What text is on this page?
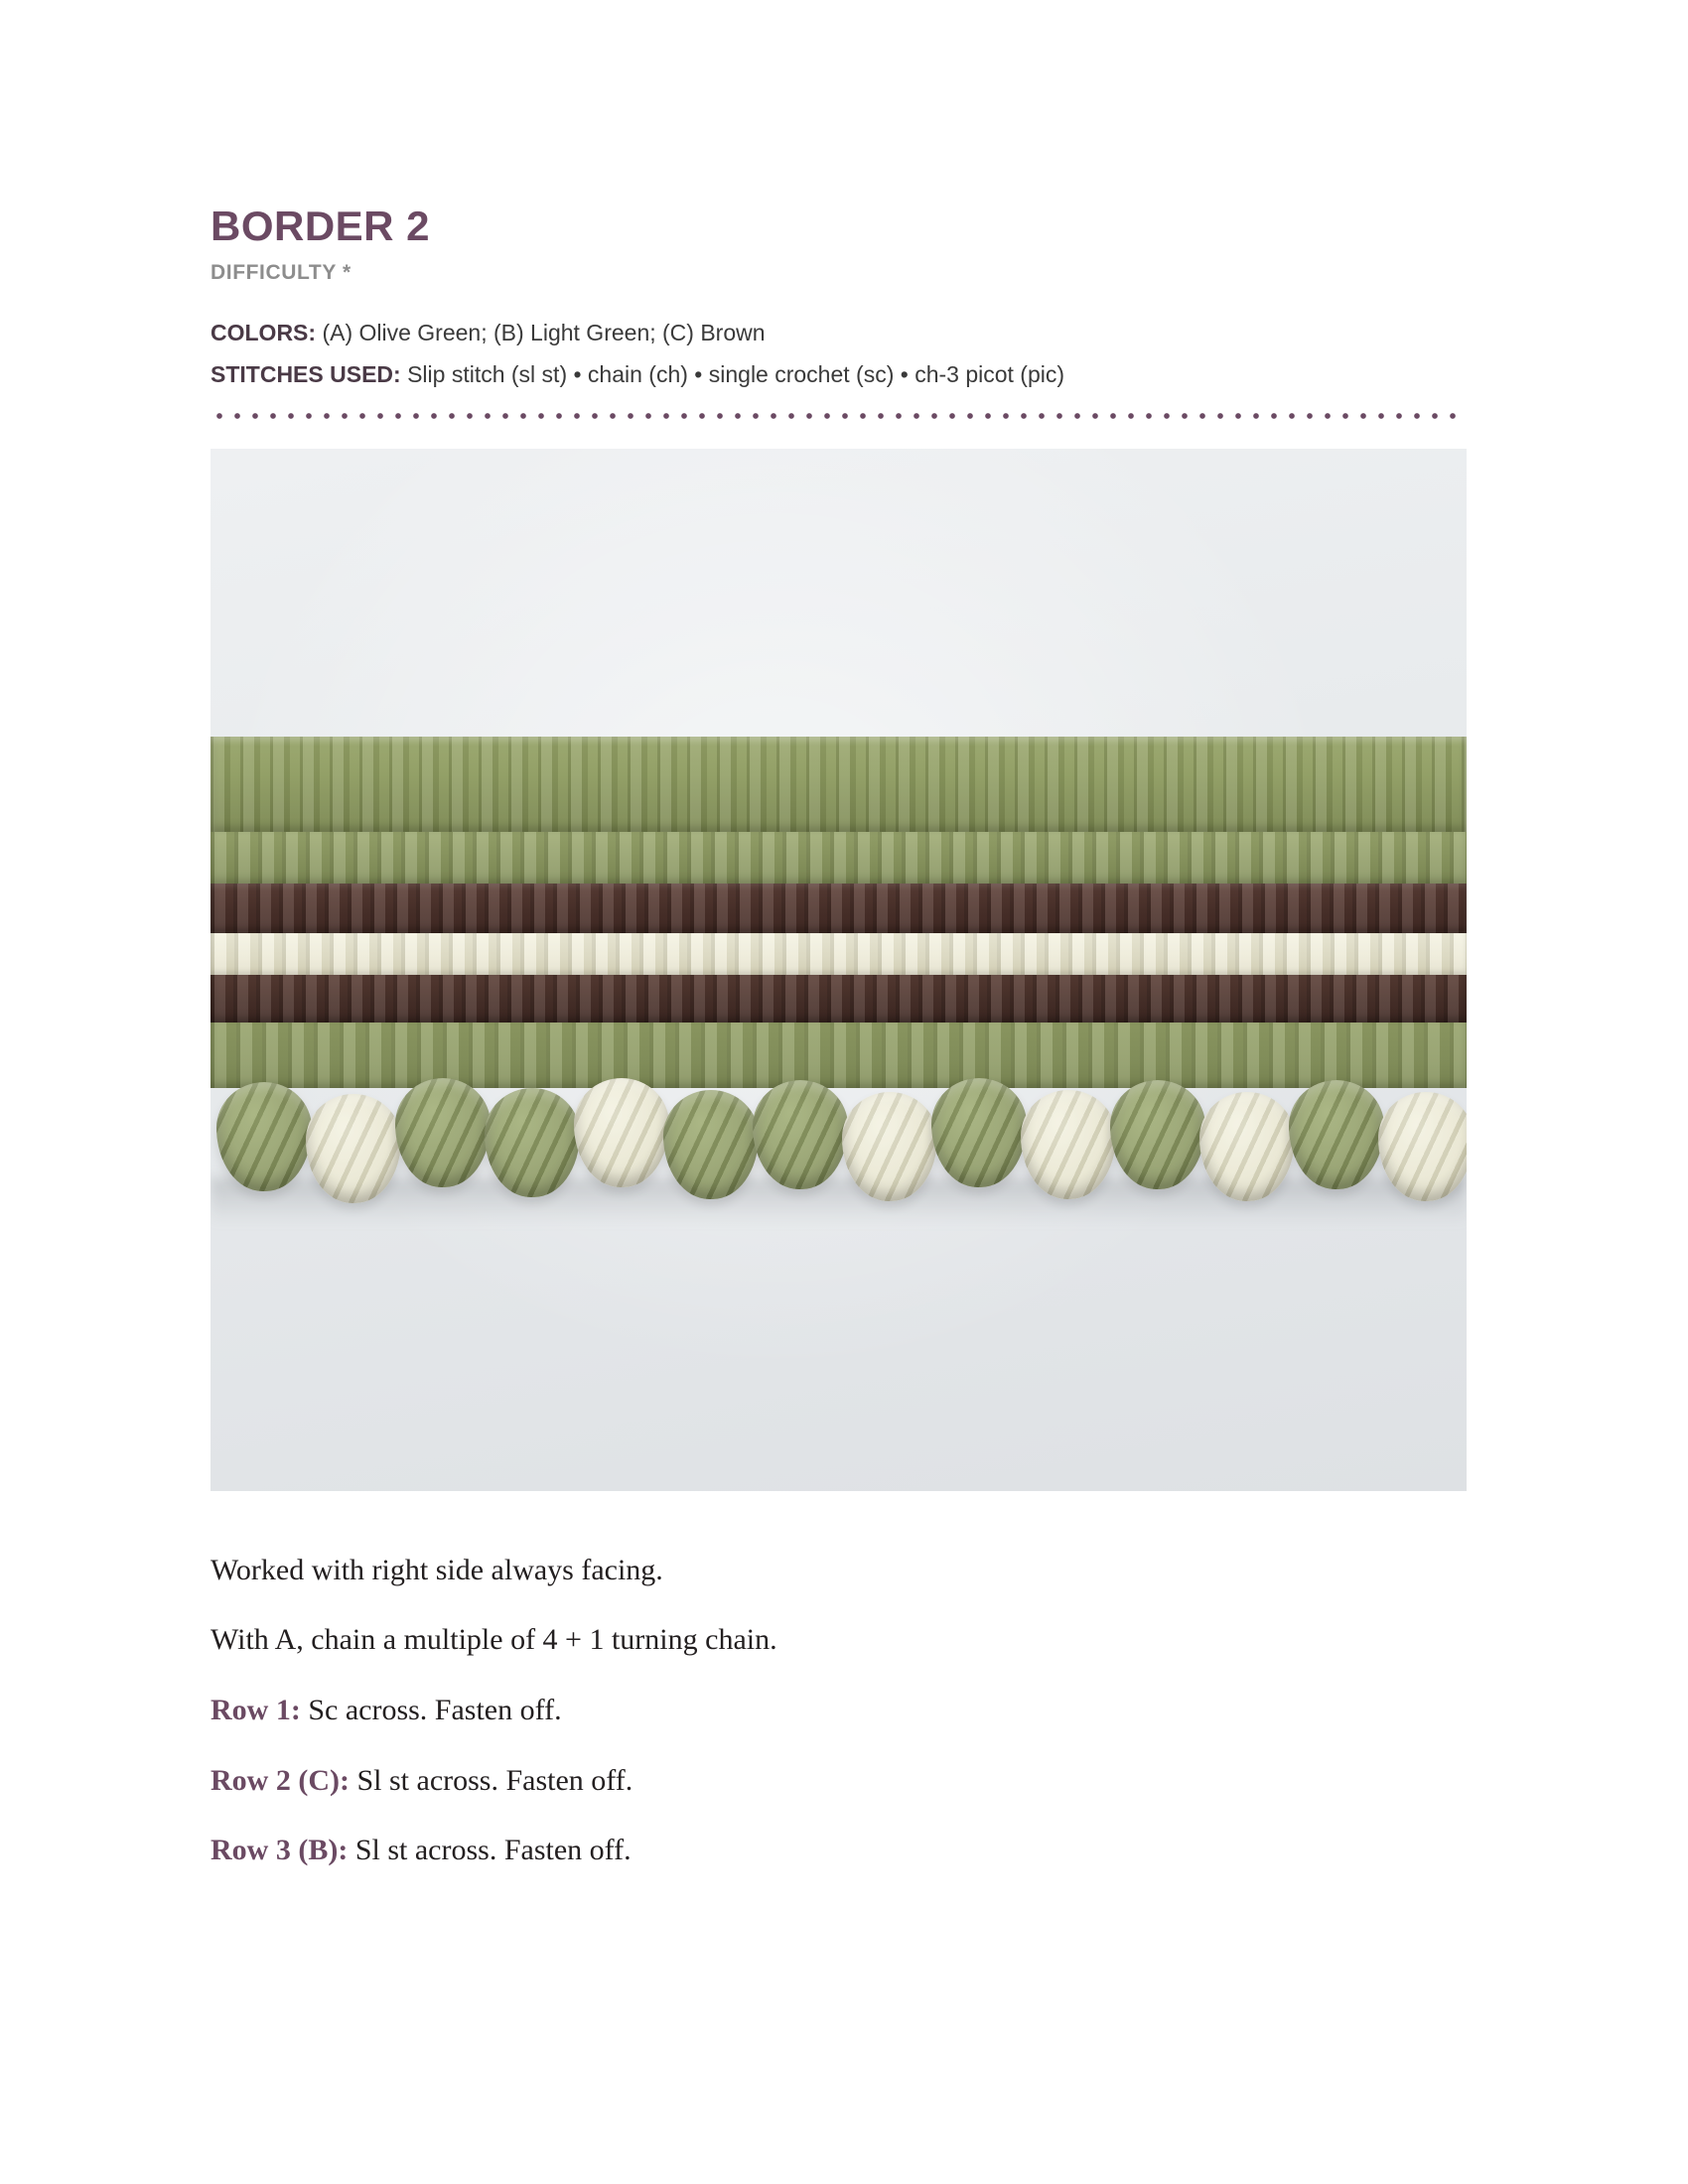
BORDER 2
DIFFICULTY *

COLORS: (A) Olive Green; (B) Light Green; (C) Brown

STITCHES USED: Slip stitch (sl st) • chain (ch) • single crochet (sc) • ch-3 picot (pic)

Worked with right side always facing.

With A, chain a multiple of 4 + 1 turning chain.

Row 1: Sc across. Fasten off.

Row 2 (C): Sl st across. Fasten off.

Row 3 (B): Sl st across. Fasten off.
